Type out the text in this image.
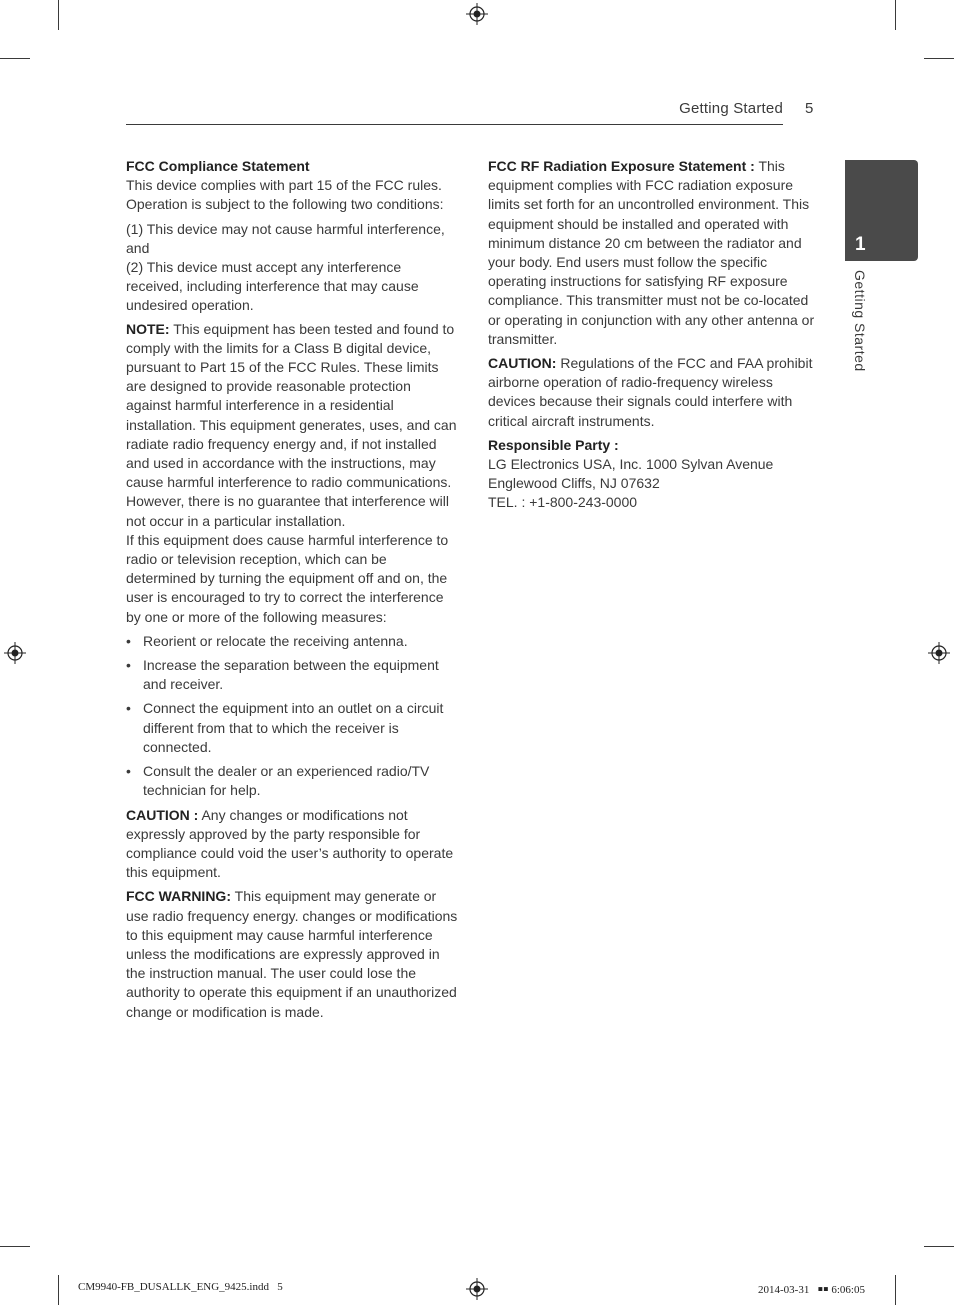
Getting Started 5
1
Getting Started

FCC Compliance Statement
This device complies with part 15 of the FCC rules. Operation is subject to the following two conditions:

(1) This device may not cause harmful interference, and
(2) This device must accept any interference received, including interference that may cause undesired operation.

NOTE: This equipment has been tested and found to comply with the limits for a Class B digital device, pursuant to Part 15 of the FCC Rules. These limits are designed to provide reasonable protection against harmful interference in a residential installation. This equipment generates, uses, and can radiate radio frequency energy and, if not installed and used in accordance with the instructions, may cause harmful interference to radio communications. However, there is no guarantee that interference will not occur in a particular installation.

If this equipment does cause harmful interference to radio or television reception, which can be determined by turning the equipment off and on, the user is encouraged to try to correct the interference by one or more of the following measures:

• Reorient or relocate the receiving antenna.
• Increase the separation between the equipment and receiver.
• Connect the equipment into an outlet on a circuit different from that to which the receiver is connected.
• Consult the dealer or an experienced radio/TV technician for help.

CAUTION : Any changes or modifications not expressly approved by the party responsible for compliance could void the user’s authority to operate this equipment.

FCC WARNING: This equipment may generate or use radio frequency energy. changes or modifications to this equipment may cause harmful interference unless the modifications are expressly approved in the instruction manual. The user could lose the authority to operate this equipment if an unauthorized change or modification is made.

FCC RF Radiation Exposure Statement : This equipment complies with FCC radiation exposure limits set forth for an uncontrolled environment. This equipment should be installed and operated with minimum distance 20 cm between the radiator and your body. End users must follow the specific operating instructions for satisfying RF exposure compliance. This transmitter must not be co-located or operating in conjunction with any other antenna or transmitter.

CAUTION: Regulations of the FCC and FAA prohibit airborne operation of radio-frequency wireless devices because their signals could interfere with critical aircraft instruments.

Responsible Party :
LG Electronics USA, Inc. 1000 Sylvan Avenue
Englewood Cliffs, NJ 07632
TEL. : +1-800-243-0000

CM9940-FB_DUSALLK_ENG_9425.indd   5	2014-03-31   ￭￭ 6:06:05
